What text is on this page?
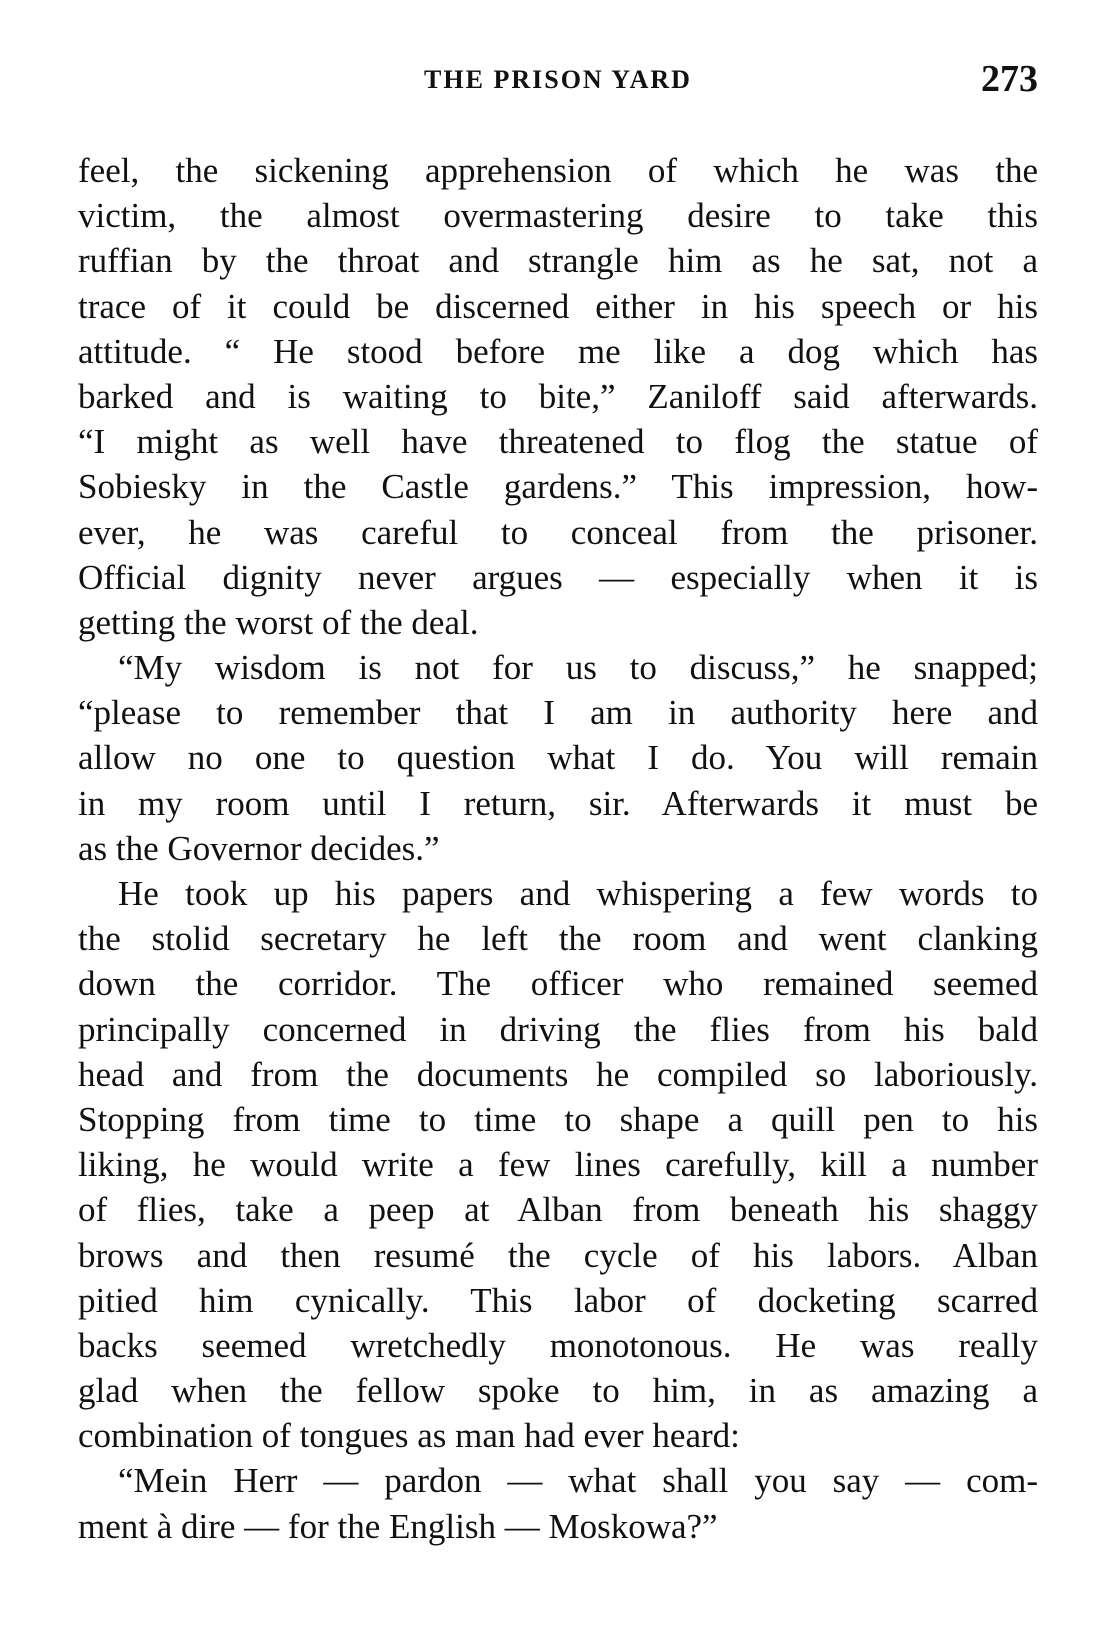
THE PRISON YARD	273
feel, the sickening apprehension of which he was the
victim, the almost overmastering desire to take this
ruffian by the throat and strangle him as he sat, not a
trace of it could be discerned either in his speech or his
attitude. “ He stood before me like a dog which has
barked and is waiting to bite,” Zaniloff said afterwards.
“I might as well have threatened to flog the statue of
Sobiesky in the Castle gardens.” This impression, how-
ever, he was careful to conceal from the prisoner.
Official dignity never argues — especially when it is
getting the worst of the deal.
“My wisdom is not for us to discuss,” he snapped;
“please to remember that I am in authority here and
allow no one to question what I do. You will remain
in my room until I return, sir. Afterwards it must be
as the Governor decides.”
He took up his papers and whispering a few words to
the stolid secretary he left the room and went clanking
down the corridor. The officer who remained seemed
principally concerned in driving the flies from his bald
head and from the documents he compiled so laboriously.
Stopping from time to time to shape a quill pen to his
liking, he would write a few lines carefully, kill a number
of flies, take a peep at Alban from beneath his shaggy
brows and then resumé the cycle of his labors. Alban
pitied him cynically. This labor of docketing scarred
backs seemed wretchedly monotonous. He was really
glad when the fellow spoke to him, in as amazing a
combination of tongues as man had ever heard:
“Mein Herr — pardon — what shall you say — com-
ment à dire — for the English — Moskowa?”
